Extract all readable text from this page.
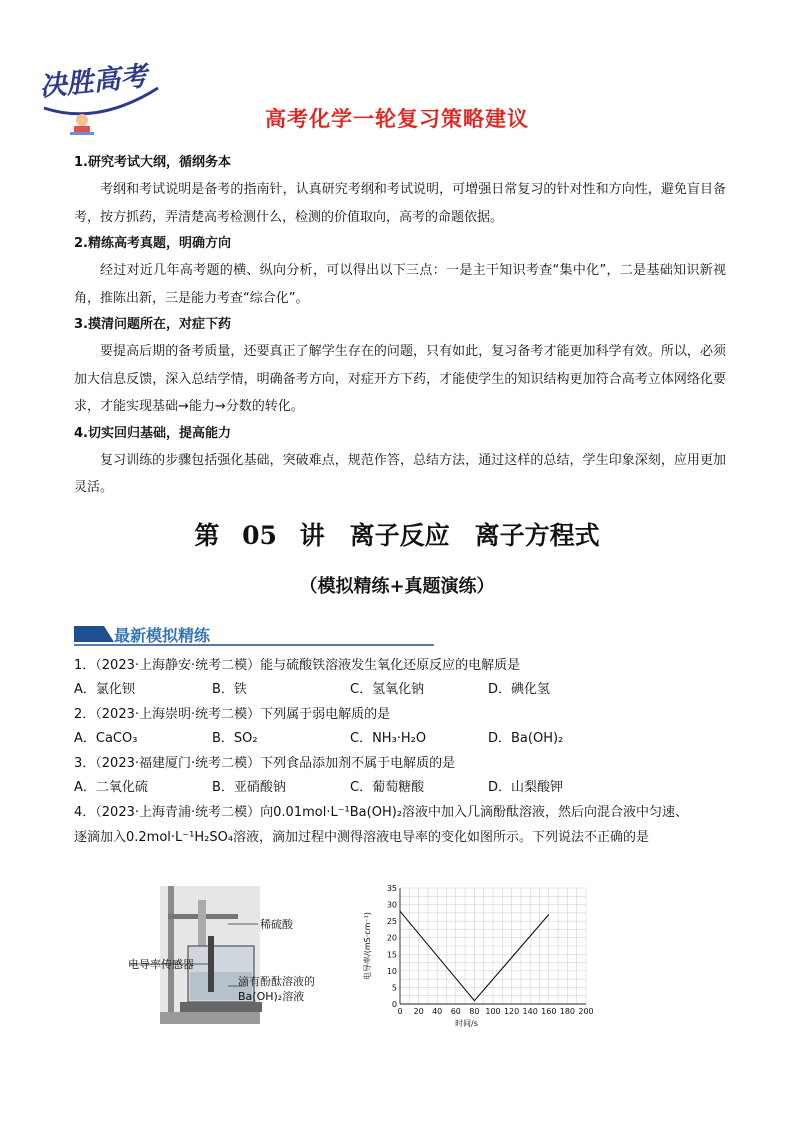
决胜高考
高考化学一轮复习策略建议

1.研究考试大纲，循纲务本

考纲和考试说明是备考的指南针，认真研究考纲和考试说明，可增强日常复习的针对性和方向性，避免盲目备考，按方抓药，弄清楚高考检测什么，检测的价值取向，高考的命题依据。

2.精练高考真题，明确方向

经过对近几年高考题的横、纵向分析，可以得出以下三点：一是主干知识考查“集中化”，二是基础知识新视角，推陈出新，三是能力考查“综合化”。

3.摸清问题所在，对症下药

要提高后期的备考质量，还要真正了解学生存在的问题，只有如此，复习备考才能更加科学有效。所以，必须加大信息反馈，深入总结学情，明确备考方向，对症开方下药，才能使学生的知识结构更加符合高考立体网络化要求，才能实现基础→能力→分数的转化。

4.切实回归基础，提高能力

复习训练的步骤包括强化基础，突破难点，规范作答，总结方法，通过这样的总结，学生印象深刻，应用更加灵活。

第 05 讲　离子反应　离子方程式
（模拟精练+真题演练）
最新模拟精练

1．（2023·上海静安·统考二模）能与硫酸铁溶液发生氧化还原反应的电解质是

A．氯化钡	B．铁	C．氢氧化钠	D．碘化氢

2．（2023·上海崇明·统考二模）下列属于弱电解质的是

A．CaCO₃	B．SO₂	C．NH₃·H₂O	D．Ba(OH)₂

3．（2023·福建厦门·统考二模）下列食品添加剂不属于电解质的是

A．二氧化硫	B．亚硝酸钠	C．葡萄糖酸	D．山梨酸钾

4．（2023·上海青浦·统考二模）向0.01mol·L⁻¹Ba(OH)₂溶液中加入几滴酚酞溶液，然后向混合液中匀速、

逐滴加入0.2mol·L⁻¹H₂SO₄溶液，滴加过程中测得溶液电导率的变化如图所示。下列说法不正确的是

稀硫酸
电导率传感器
滴有酚酞溶液的
Ba(OH)₂溶液
0 20 40 60 80 100 120 140 160 180 200
0
5
10
15
20
25
30
35
电导率/(mS·cm⁻¹)
时间/s
